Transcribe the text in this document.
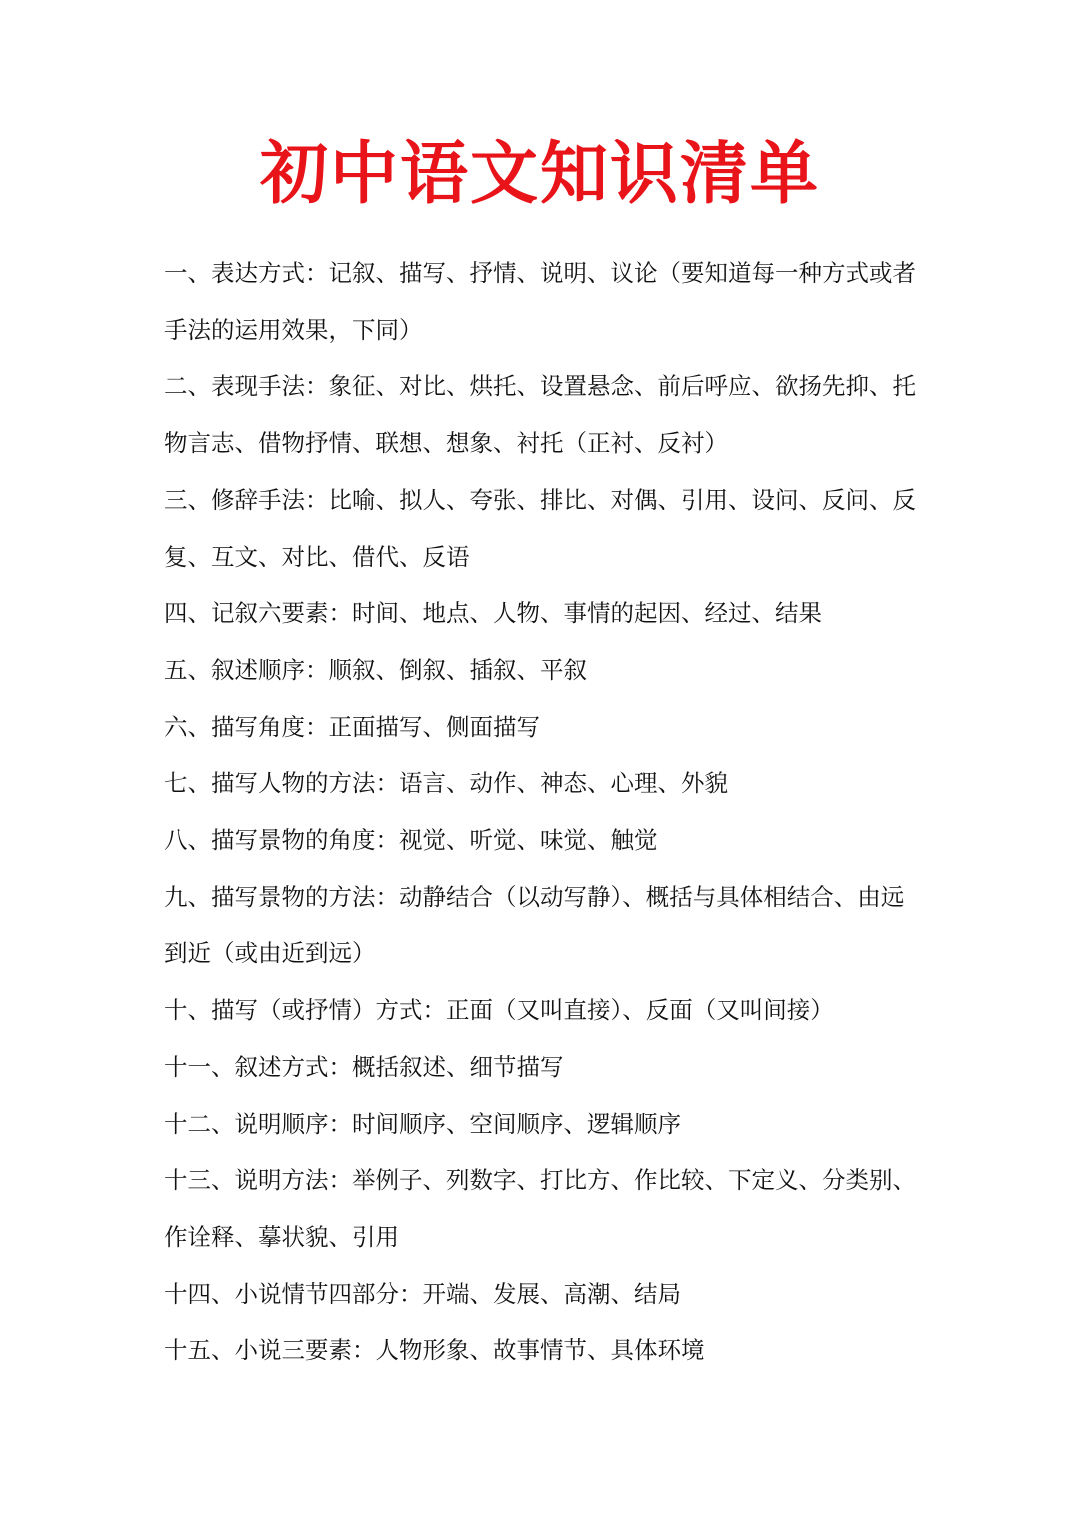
初中语文知识清单

一、表达方式：记叙、描写、抒情、说明、议论（要知道每一种方式或者手法的运用效果，下同）

二、表现手法：象征、对比、烘托、设置悬念、前后呼应、欲扬先抑、托物言志、借物抒情、联想、想象、衬托（正衬、反衬）

三、修辞手法：比喻、拟人、夸张、排比、对偶、引用、设问、反问、反复、互文、对比、借代、反语

四、记叙六要素：时间、地点、人物、事情的起因、经过、结果

五、叙述顺序：顺叙、倒叙、插叙、平叙

六、描写角度：正面描写、侧面描写

七、描写人物的方法：语言、动作、神态、心理、外貌

八、描写景物的角度：视觉、听觉、味觉、触觉

九、描写景物的方法：动静结合（以动写静）、概括与具体相结合、由远到近（或由近到远）

十、描写（或抒情）方式：正面（又叫直接）、反面（又叫间接）

十一、叙述方式：概括叙述、细节描写

十二、说明顺序：时间顺序、空间顺序、逻辑顺序

十三、说明方法：举例子、列数字、打比方、作比较、下定义、分类别、作诠释、摹状貌、引用

十四、小说情节四部分：开端、发展、高潮、结局

十五、小说三要素：人物形象、故事情节、具体环境
